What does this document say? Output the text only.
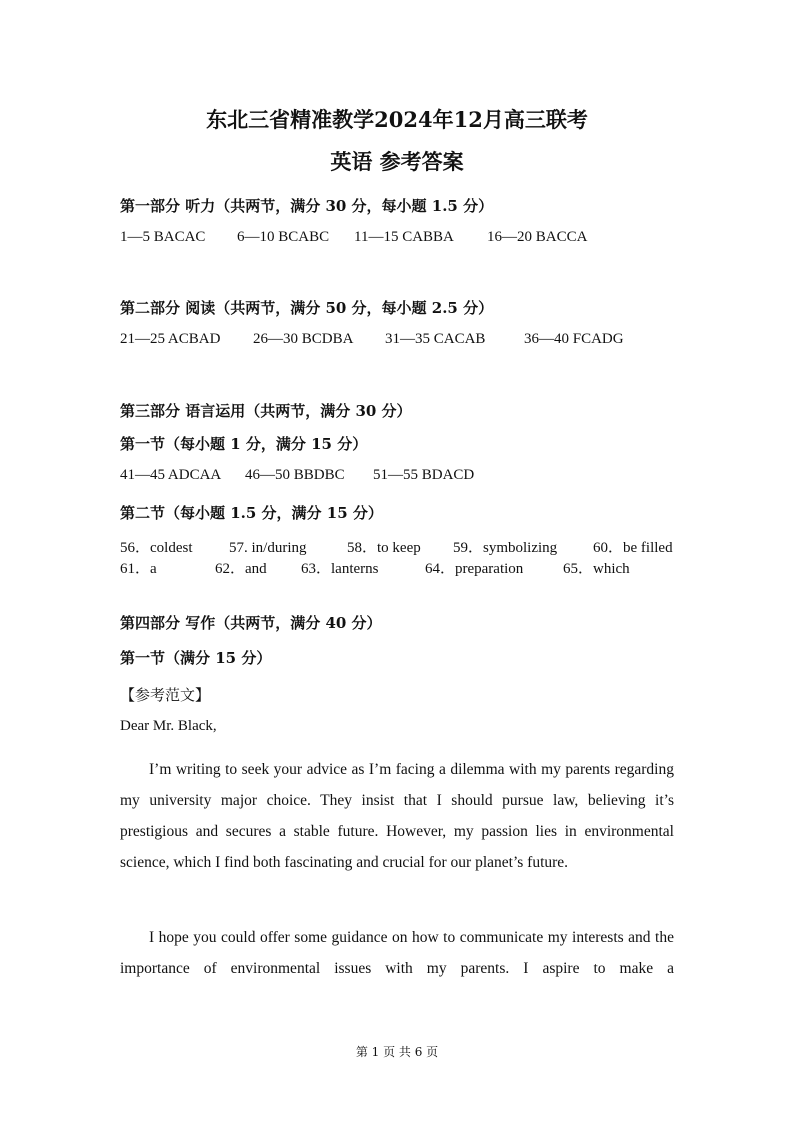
东北三省精准教学2024年12月高三联考
英语 参考答案
第一部分 听力（共两节，满分 30 分，每小题 1.5 分）
1—5 BACAC 6—10 BCABC 11—15 CABBA 16—20 BACCA
第二部分 阅读（共两节，满分 50 分，每小题 2.5 分）
21—25 ACBAD 26—30 BCDBA 31—35 CACAB	36—40 FCADG
第三部分 语言运用（共两节，满分 30 分）
第一节（每小题 1 分，满分 15 分）
41—45 ADCAA 46—50 BBDBC 51—55 BDACD
第二节（每小题 1.5 分，满分 15 分）
56．coldest 57. in/during	58．to keep 59．symbolizing 60．be filled
61．a	62．and 63．lanterns	64．preparation	65．which
第四部分 写作（共两节，满分 40 分）
第一节（满分 15 分）
【参考范文】
Dear Mr. Black,

I’m writing to seek your advice as I’m facing a dilemma with my parents regarding my university major choice. They insist that I should pursue law, believing it’s prestigious and secures a stable future. However, my passion lies in environmental science, which I find both fascinating and crucial for our planet’s future.

I hope you could offer some guidance on how to communicate my interests and the importance of environmental issues with my parents. I aspire to make a

第 1 页 共 6 页
